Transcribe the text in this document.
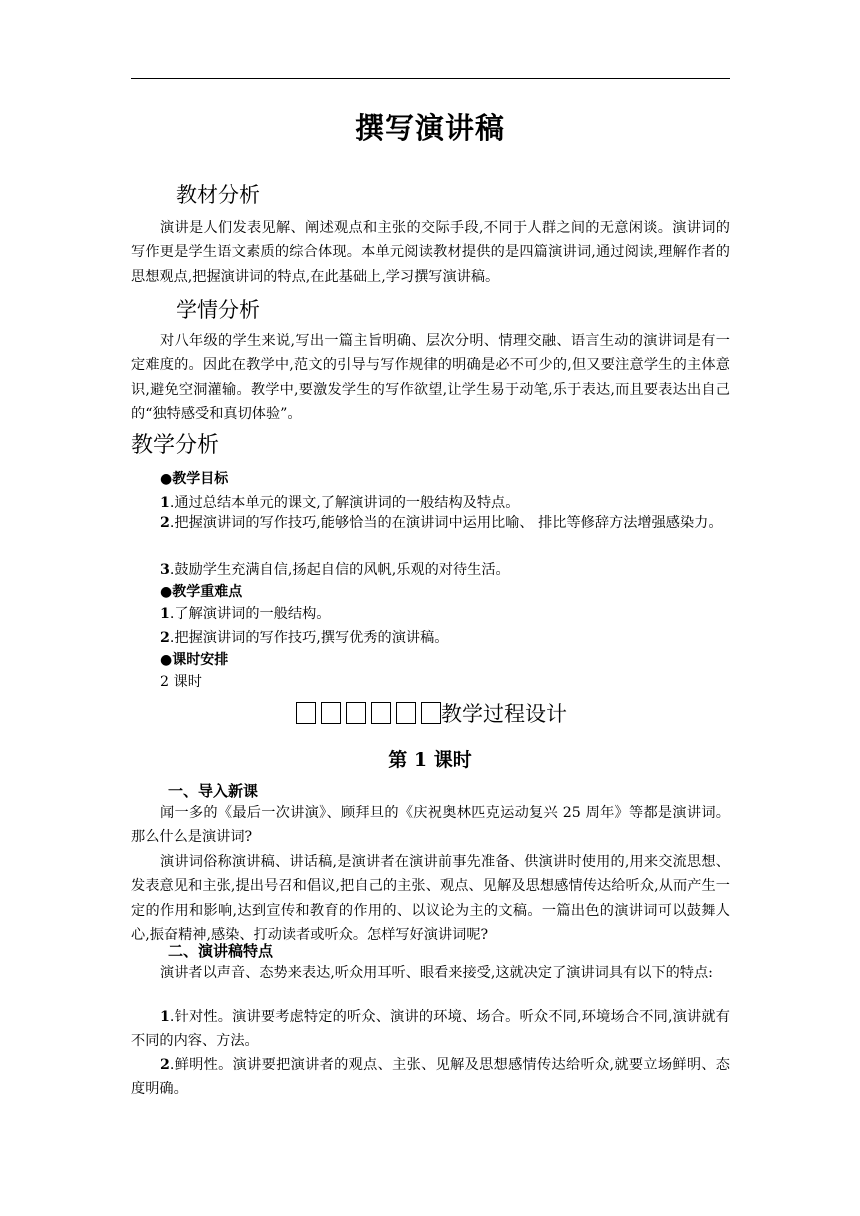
撰写演讲稿
教材分析
演讲是人们发表见解、阐述观点和主张的交际手段,不同于人群之间的无意闲谈。演讲词的写作更是学生语文素质的综合体现。本单元阅读教材提供的是四篇演讲词,通过阅读,理解作者的思想观点,把握演讲词的特点,在此基础上,学习撰写演讲稿。
学情分析
对八年级的学生来说,写出一篇主旨明确、层次分明、情理交融、语言生动的演讲词是有一定难度的。因此在教学中,范文的引导与写作规律的明确是必不可少的,但又要注意学生的主体意识,避免空洞灌输。教学中,要激发学生的写作欲望,让学生易于动笔,乐于表达,而且要表达出自己的“独特感受和真切体验”。
教学分析
●教学目标
1.通过总结本单元的课文,了解演讲词的一般结构及特点。
2.把握演讲词的写作技巧,能够恰当的在演讲词中运用比喻、 排比等修辞方法增强感染力。
3.鼓励学生充满自信,扬起自信的风帆,乐观的对待生活。
●教学重难点
1.了解演讲词的一般结构。
2.把握演讲词的写作技巧,撰写优秀的演讲稿。
●课时安排
2 课时
教学过程设计
第 1 课时
一、导入新课
闻一多的《最后一次讲演》、顾拜旦的《庆祝奥林匹克运动复兴 25 周年》等都是演讲词。那么什么是演讲词?
演讲词俗称演讲稿、讲话稿,是演讲者在演讲前事先准备、供演讲时使用的,用来交流思想、发表意见和主张,提出号召和倡议,把自己的主张、观点、见解及思想感情传达给听众,从而产生一定的作用和影响,达到宣传和教育的作用的、以议论为主的文稿。一篇出色的演讲词可以鼓舞人心,振奋精神,感染、打动读者或听众。怎样写好演讲词呢?
二、演讲稿特点
演讲者以声音、态势来表达,听众用耳听、眼看来接受,这就决定了演讲词具有以下的特点:
1.针对性。演讲要考虑特定的听众、演讲的环境、场合。听众不同,环境场合不同,演讲就有不同的内容、方法。
2.鲜明性。演讲要把演讲者的观点、主张、见解及思想感情传达给听众,就要立场鲜明、态度明确。
